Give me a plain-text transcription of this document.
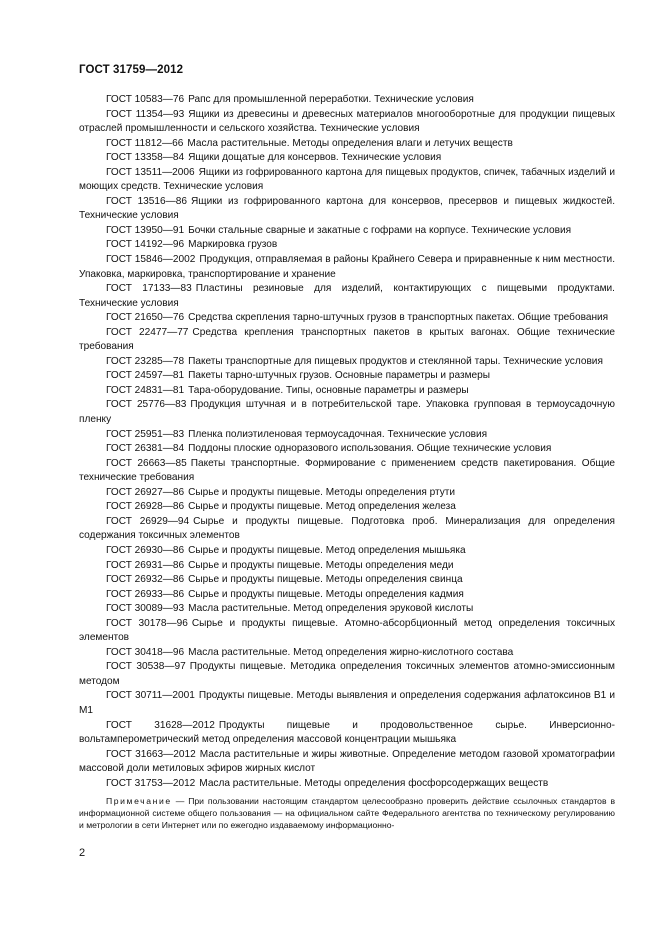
ГОСТ 31759—2012
ГОСТ 10583—76 Рапс для промышленной переработки. Технические условия
ГОСТ 11354—93 Ящики из древесины и древесных материалов многооборотные для продукции пищевых отраслей промышленности и сельского хозяйства. Технические условия
ГОСТ 11812—66 Масла растительные. Методы определения влаги и летучих веществ
ГОСТ 13358—84 Ящики дощатые для консервов. Технические условия
ГОСТ 13511—2006 Ящики из гофрированного картона для пищевых продуктов, спичек, табачных изделий и моющих средств. Технические условия
ГОСТ 13516—86 Ящики из гофрированного картона для консервов, пресервов и пищевых жидкостей. Технические условия
ГОСТ 13950—91 Бочки стальные сварные и закатные с гофрами на корпусе. Технические условия
ГОСТ 14192—96 Маркировка грузов
ГОСТ 15846—2002 Продукция, отправляемая в районы Крайнего Севера и приравненные к ним местности. Упаковка, маркировка, транспортирование и хранение
ГОСТ 17133—83 Пластины резиновые для изделий, контактирующих с пищевыми продуктами. Технические условия
ГОСТ 21650—76 Средства скрепления тарно-штучных грузов в транспортных пакетах. Общие требования
ГОСТ 22477—77 Средства крепления транспортных пакетов в крытых вагонах. Общие технические требования
ГОСТ 23285—78 Пакеты транспортные для пищевых продуктов и стеклянной тары. Технические условия
ГОСТ 24597—81 Пакеты тарно-штучных грузов. Основные параметры и размеры
ГОСТ 24831—81 Тара-оборудование. Типы, основные параметры и размеры
ГОСТ 25776—83 Продукция штучная и в потребительской таре. Упаковка групповая в термоусадочную пленку
ГОСТ 25951—83 Пленка полиэтиленовая термоусадочная. Технические условия
ГОСТ 26381—84 Поддоны плоские одноразового использования. Общие технические условия
ГОСТ 26663—85 Пакеты транспортные. Формирование с применением средств пакетирования. Общие технические требования
ГОСТ 26927—86 Сырье и продукты пищевые. Методы определения ртути
ГОСТ 26928—86 Сырье и продукты пищевые. Метод определения железа
ГОСТ 26929—94 Сырье и продукты пищевые. Подготовка проб. Минерализация для определения содержания токсичных элементов
ГОСТ 26930—86 Сырье и продукты пищевые. Метод определения мышьяка
ГОСТ 26931—86 Сырье и продукты пищевые. Методы определения меди
ГОСТ 26932—86 Сырье и продукты пищевые. Методы определения свинца
ГОСТ 26933—86 Сырье и продукты пищевые. Методы определения кадмия
ГОСТ 30089—93 Масла растительные. Метод определения эруковой кислоты
ГОСТ 30178—96 Сырье и продукты пищевые. Атомно-абсорбционный метод определения токсичных элементов
ГОСТ 30418—96 Масла растительные. Метод определения жирно-кислотного состава
ГОСТ 30538—97 Продукты пищевые. Методика определения токсичных элементов атомно-эмиссионным методом
ГОСТ 30711—2001 Продукты пищевые. Методы выявления и определения содержания афлатоксинов B1 и M1
ГОСТ 31628—2012 Продукты пищевые и продовольственное сырье. Инверсионно-вольтамперометрический метод определения массовой концентрации мышьяка
ГОСТ 31663—2012 Масла растительные и жиры животные. Определение методом газовой хроматографии массовой доли метиловых эфиров жирных кислот
ГОСТ 31753—2012 Масла растительные. Методы определения фосфорсодержащих веществ
Примечание — При пользовании настоящим стандартом целесообразно проверить действие ссылочных стандартов в информационной системе общего пользования — на официальном сайте Федерального агентства по техническому регулированию и метрологии в сети Интернет или по ежегодно издаваемому информационно-
2
